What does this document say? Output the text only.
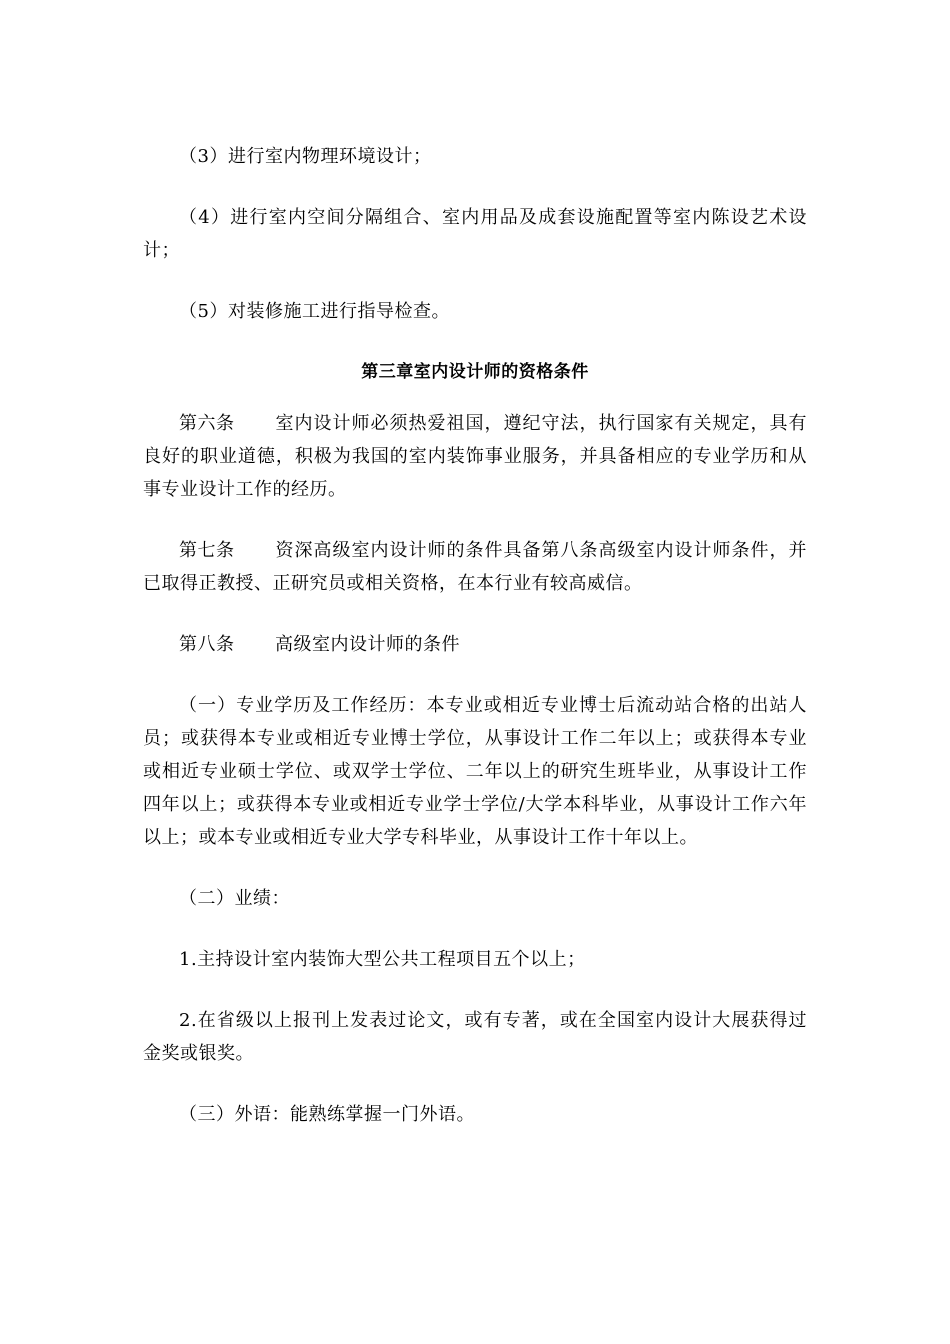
（3）进行室内物理环境设计；

（4）进行室内空间分隔组合、室内用品及成套设施配置等室内陈设艺术设计；

（5）对装修施工进行指导检查。

第三章室内设计师的资格条件

第六条 室内设计师必须热爱祖国，遵纪守法，执行国家有关规定，具有良好的职业道德，积极为我国的室内装饰事业服务，并具备相应的专业学历和从事专业设计工作的经历。

第七条 资深高级室内设计师的条件具备第八条高级室内设计师条件，并已取得正教授、正研究员或相关资格，在本行业有较高威信。

第八条 高级室内设计师的条件

（一）专业学历及工作经历：本专业或相近专业博士后流动站合格的出站人员；或获得本专业或相近专业博士学位，从事设计工作二年以上；或获得本专业或相近专业硕士学位、或双学士学位、二年以上的研究生班毕业，从事设计工作四年以上；或获得本专业或相近专业学士学位/大学本科毕业，从事设计工作六年以上；或本专业或相近专业大学专科毕业，从事设计工作十年以上。

（二）业绩：

1.主持设计室内装饰大型公共工程项目五个以上；

2.在省级以上报刊上发表过论文，或有专著，或在全国室内设计大展获得过金奖或银奖。

（三）外语：能熟练掌握一门外语。
